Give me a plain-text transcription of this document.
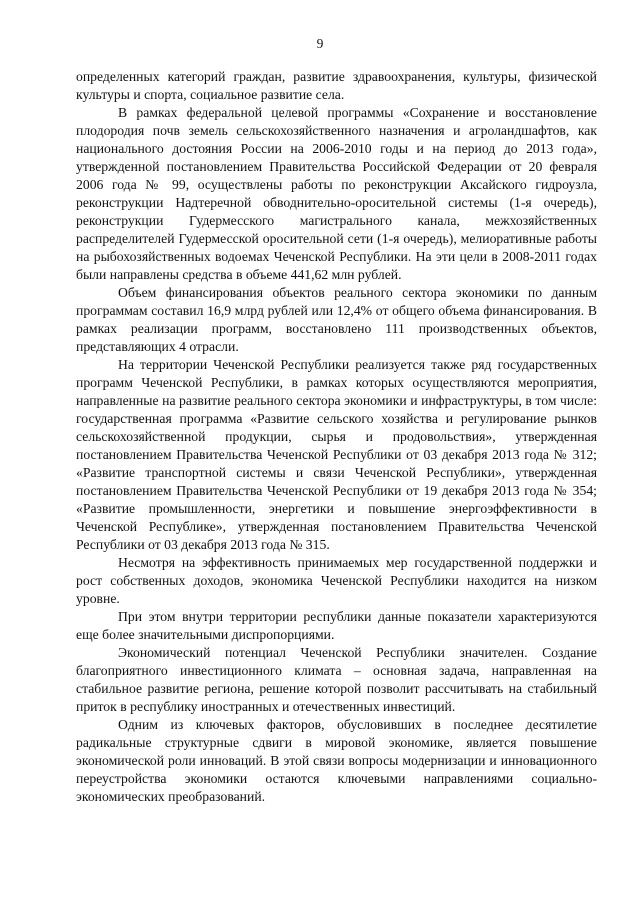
9

определенных категорий граждан, развитие здравоохранения, культуры, физической культуры и спорта, социальное развитие села.

В рамках федеральной целевой программы «Сохранение и восстановление плодородия почв земель сельскохозяйственного назначения и агроландшафтов, как национального достояния России на 2006-2010 годы и на период до 2013 года», утвержденной постановлением Правительства Российской Федерации от 20 февраля 2006 года № 99, осуществлены работы по реконструкции Аксайского гидроузла, реконструкции Надтеречной обводнительно-оросительной системы (1-я очередь), реконструкции Гудермесского магистрального канала, межхозяйственных распределителей Гудермесской оросительной сети (1-я очередь), мелиоративные работы на рыбохозяйственных водоемах Чеченской Республики. На эти цели в 2008-2011 годах были направлены средства в объеме 441,62 млн рублей.

Объем финансирования объектов реального сектора экономики по данным программам составил 16,9 млрд рублей или 12,4% от общего объема финансирования. В рамках реализации программ, восстановлено 111 производственных объектов, представляющих 4 отрасли.

На территории Чеченской Республики реализуется также ряд государственных программ Чеченской Республики, в рамках которых осуществляются мероприятия, направленные на развитие реального сектора экономики и инфраструктуры, в том числе: государственная программа «Развитие сельского хозяйства и регулирование рынков сельскохозяйственной продукции, сырья и продовольствия», утвержденная постановлением Правительства Чеченской Республики от 03 декабря 2013 года № 312; «Развитие транспортной системы и связи Чеченской Республики», утвержденная постановлением Правительства Чеченской Республики от 19 декабря 2013 года № 354; «Развитие промышленности, энергетики и повышение энергоэффективности в Чеченской Республике», утвержденная постановлением Правительства Чеченской Республики от 03 декабря 2013 года № 315.

Несмотря на эффективность принимаемых мер государственной поддержки и рост собственных доходов, экономика Чеченской Республики находится на низком уровне.

При этом внутри территории республики данные показатели характеризуются еще более значительными диспропорциями.

Экономический потенциал Чеченской Республики значителен. Создание благоприятного инвестиционного климата – основная задача, направленная на стабильное развитие региона, решение которой позволит рассчитывать на стабильный приток в республику иностранных и отечественных инвестиций.

Одним из ключевых факторов, обусловивших в последнее десятилетие радикальные структурные сдвиги в мировой экономике, является повышение экономической роли инноваций. В этой связи вопросы модернизации и инновационного переустройства экономики остаются ключевыми направлениями социально-экономических преобразований.
